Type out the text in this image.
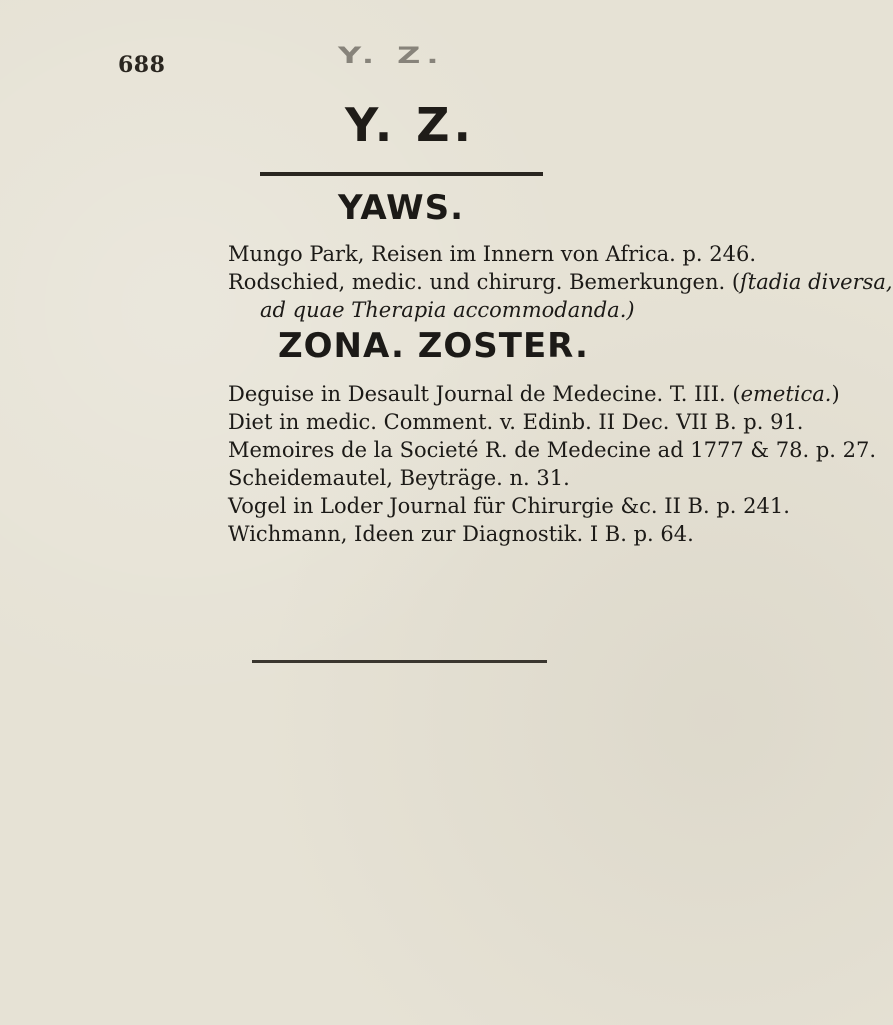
688	Y. Z.
Y. Z.
YAWS.
Mungo Park, Reisen im Innern von Africa. p. 246.
Rodschied, medic. und chirurg. Bemerkungen. (ſtadia diversa,
ad quae Therapia accommodanda.)
ZONA. ZOSTER.
Deguise in Desault Journal de Medecine. T. III. (emetica.)
Diet in medic. Comment. v. Edinb. II Dec. VII B. p. 91.
Memoires de la Societé R. de Medecine ad 1777 & 78. p. 27.
Scheidemautel, Beyträge. n. 31.
Vogel in Loder Journal für Chirurgie &c. II B. p. 241.
Wichmann, Ideen zur Diagnostik. I B. p. 64.
